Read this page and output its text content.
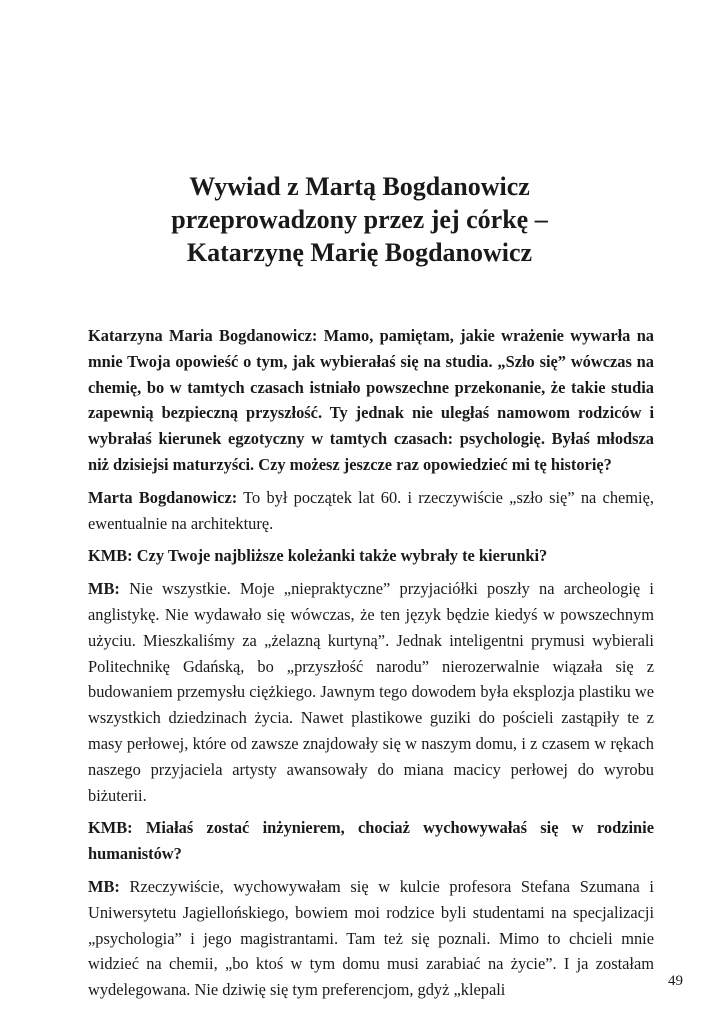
Wywiad z Martą Bogdanowicz
przeprowadzony przez jej córkę –
Katarzynę Marię Bogdanowicz

Katarzyna Maria Bogdanowicz: Mamo, pamiętam, jakie wrażenie wywarła na mnie Twoja opowieść o tym, jak wybierałaś się na studia. „Szło się” wówczas na chemię, bo w tamtych czasach istniało powszechne przekonanie, że takie studia zapewnią bezpieczną przyszłość. Ty jednak nie uległaś namowom rodziców i wybrałaś kierunek egzotyczny w tamtych czasach: psychologię. Byłaś młodsza niż dzisiejsi maturzyści. Czy możesz jeszcze raz opowiedzieć mi tę historię?

Marta Bogdanowicz: To był początek lat 60. i rzeczywiście „szło się” na chemię, ewentualnie na architekturę.

KMB: Czy Twoje najbliższe koleżanki także wybrały te kierunki?

MB: Nie wszystkie. Moje „niepraktyczne” przyjaciółki poszły na archeologię i anglistykę. Nie wydawało się wówczas, że ten język będzie kiedyś w powszechnym użyciu. Mieszkaliśmy za „żelazną kurtyną”. Jednak inteligentni prymusi wybierali Politechnikę Gdańską, bo „przyszłość narodu” nierozerwalnie wiązała się z budowaniem przemysłu ciężkiego. Jawnym tego dowodem była eksplozja plastiku we wszystkich dziedzinach życia. Nawet plastikowe guziki do pościeli zastąpiły te z masy perłowej, które od zawsze znajdowały się w naszym domu, i z czasem w rękach naszego przyjaciela artysty awansowały do miana macicy perłowej do wyrobu biżuterii.

KMB: Miałaś zostać inżynierem, chociaż wychowywałaś się w rodzinie humanistów?

MB: Rzeczywiście, wychowywałam się w kulcie profesora Stefana Szumana i Uniwersytetu Jagiellońskiego, bowiem moi rodzice byli studentami na specjalizacji „psychologia” i jego magistrantami. Tam też się poznali. Mimo to chcieli mnie widzieć na chemii, „bo ktoś w tym domu musi zarabiać na życie”. I ja zostałam wydelegowana. Nie dziwię się tym preferencjom, gdyż „klepali	49
